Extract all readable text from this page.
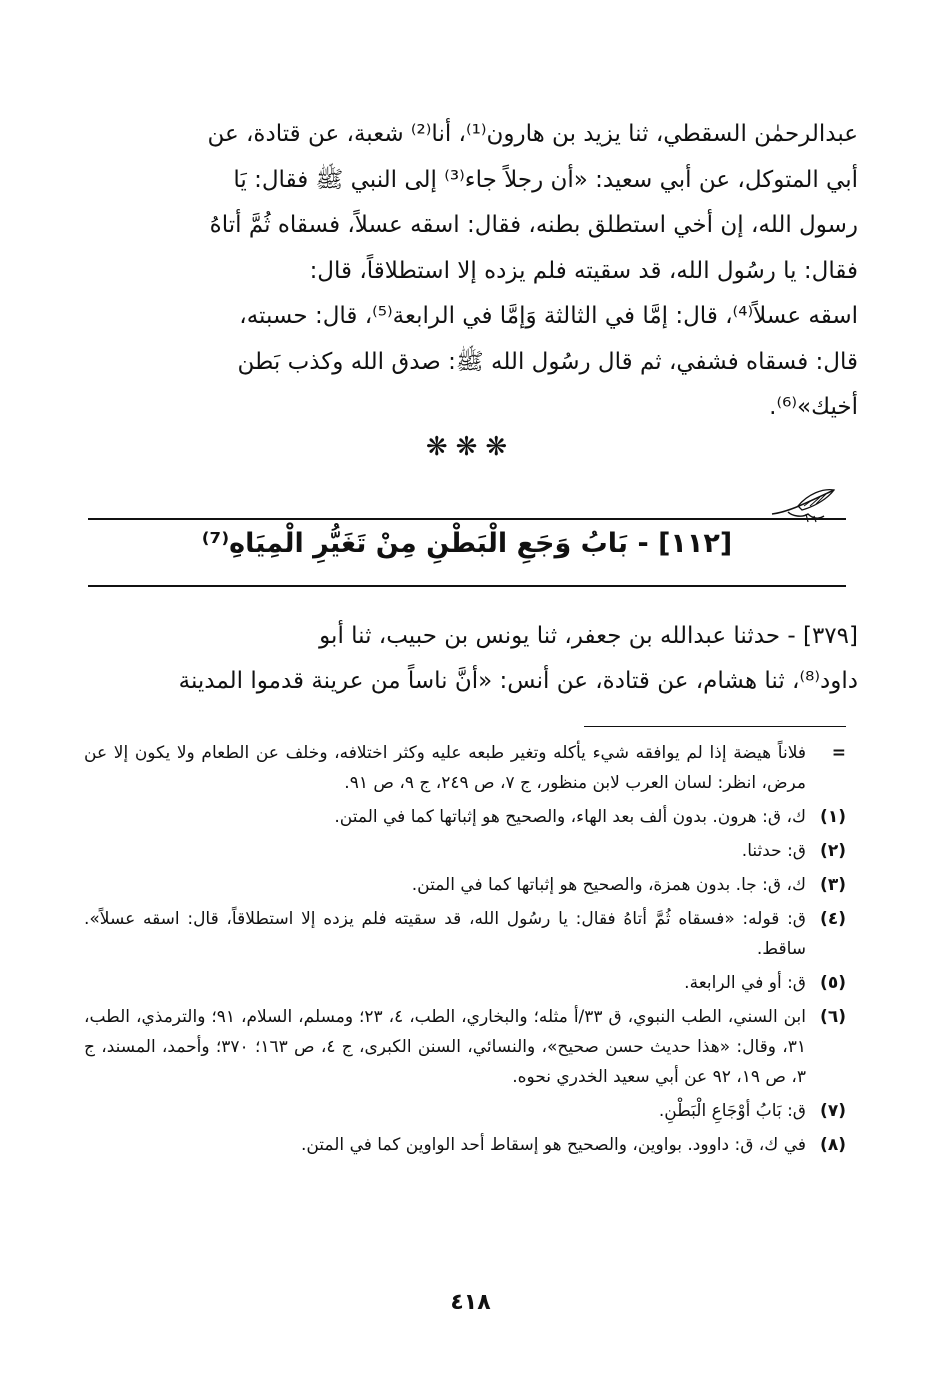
عبدالرحمٰن السقطي، ثنا يزيد بن هارون⁽¹⁾، أنا⁽²⁾ شعبة، عن قتادة، عن

أبي المتوكل، عن أبي سعيد: «أن رجلاً جاء⁽³⁾ إلى النبي ﷺ فقال: يَا

رسول الله، إن أخي استطلق بطنه، فقال: اسقه عسلاً، فسقاه ثُمَّ أتاهُ

فقال: يا رسُول الله، قد سقيته فلم يزده إلا استطلاقاً، قال:

اسقه عسلاً⁽⁴⁾، قال: إمَّا في الثالثة وَإمَّا في الرابعة⁽⁵⁾، قال: حسبته،

قال: فسقاه فشفي، ثم قال رسُول الله ﷺ: صدق الله وكذب بَطن

أخيك»⁽⁶⁾.

❋❋❋
[١١٢] - بَابُ وَجَعِ الْبَطْنِ مِنْ تَغَيُّرِ الْمِيَاهِ⁽⁷⁾

[٣٧٩] - حدثنا عبدالله بن جعفر، ثنا يونس بن حبيب، ثنا أبو

داود⁽⁸⁾، ثنا هشام، عن قتادة، عن أنس: «أنَّ ناساً من عرينة قدموا المدينة

=
فلاناً هيضة إذا لم يوافقه شيء يأكله وتغير طبعه عليه وكثر اختلافه، وخلف عن الطعام ولا يكون إلا عن مرض، انظر: لسان العرب لابن منظور، ج ٧، ص ٢٤٩، ج ٩، ص ٩١.
(١)
ك، ق: هرون. بدون ألف بعد الهاء، والصحيح هو إثباتها كما في المتن.
(٢)
ق: حدثنا.
(٣)
ك، ق: جا. بدون همزة، والصحيح هو إثباتها كما في المتن.
(٤)
ق: قوله: «فسقاه ثُمَّ أتاهُ فقال: يا رسُول الله، قد سقيته فلم يزده إلا استطلاقاً، قال: اسقه عسلاً». ساقط.
(٥)
ق: أو في الرابعة.
(٦)
ابن السني، الطب النبوي، ق ٣٣/أ مثله؛ والبخاري، الطب، ٤، ٢٣؛ ومسلم، السلام، ٩١؛ والترمذي، الطب، ٣١، وقال: «هذا حديث حسن صحيح»، والنسائي، السنن الكبرى، ج ٤، ص ١٦٣؛ ٣٧٠؛ وأحمد، المسند، ج ٣، ص ١٩، ٩٢ عن أبي سعيد الخدري نحوه.
(٧)
ق: بَابُ أوْجَاعِ الْبَطْنِ.
(٨)
في ك، ق: داوود. بواوين، والصحيح هو إسقاط أحد الواوين كما في المتن.
٤١٨
